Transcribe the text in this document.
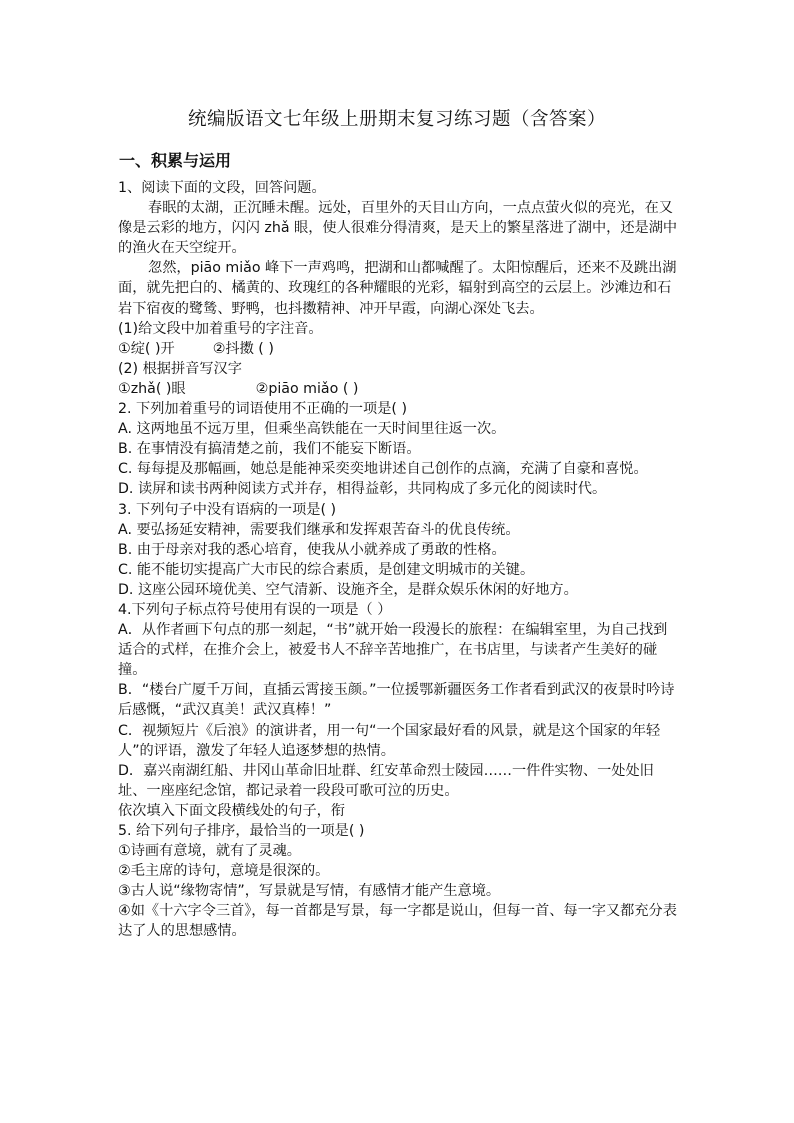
统编版语文七年级上册期末复习练习题（含答案）
一、积累与运用

1、阅读下面的文段，回答问题。

春眠的太湖，正沉睡未醒。远处，百里外的天目山方向，一点点萤火似的亮光，在又像是云彩的地方，闪闪 zhǎ 眼，使人很难分得清爽，是天上的繁星落进了湖中，还是湖中的渔火在天空绽开。

忽然，piāo miǎo 峰下一声鸡鸣，把湖和山都喊醒了。太阳惊醒后，还来不及跳出湖面，就先把白的、橘黄的、玫瑰红的各种耀眼的光彩，辐射到高空的云层上。沙滩边和石岩下宿夜的鹭鸶、野鸭，也抖擞精神、冲开早霞，向湖心深处飞去。

(1)给文段中加着重号的字注音。

①绽( )开	②抖擞 ( )

(2) 根据拼音写汉字

①zhǎ( )眼	②piāo miǎo ( )

2. 下列加着重号的词语使用不正确的一项是( )

A. 这两地虽不远万里，但乘坐高铁能在一天时间里往返一次。

B. 在事情没有搞清楚之前，我们不能妄下断语。

C. 每每提及那幅画，她总是能神采奕奕地讲述自己创作的点滴，充满了自豪和喜悦。

D. 读屏和读书两种阅读方式并存，相得益彰，共同构成了多元化的阅读时代。

3. 下列句子中没有语病的一项是( )

A. 要弘扬延安精神，需要我们继承和发挥艰苦奋斗的优良传统。

B. 由于母亲对我的悉心培育，使我从小就养成了勇敢的性格。

C. 能不能切实提高广大市民的综合素质，是创建文明城市的关键。

D. 这座公园环境优美、空气清新、设施齐全，是群众娱乐休闲的好地方。

4.下列句子标点符号使用有误的一项是（ ）

A．从作者画下句点的那一刻起，“书”就开始一段漫长的旅程：在编辑室里，为自己找到适合的式样，在推介会上，被爱书人不辞辛苦地推广，在书店里，与读者产生美好的碰撞。

B．“楼台广厦千万间，直插云霄接玉颜。”一位援鄂新疆医务工作者看到武汉的夜景时吟诗后感慨，“武汉真美！武汉真棒！”

C．视频短片《后浪》的演讲者，用一句“一个国家最好看的风景，就是这个国家的年轻人”的评语，激发了年轻人追逐梦想的热情。

D．嘉兴南湖红船、井冈山革命旧址群、红安革命烈士陵园……一件件实物、一处处旧址、一座座纪念馆，都记录着一段段可歌可泣的历史。

依次填入下面文段横线处的句子，衔

5. 给下列句子排序，最恰当的一项是( )

①诗画有意境，就有了灵魂。

②毛主席的诗句，意境是很深的。

③古人说“缘物寄情”，写景就是写情，有感情才能产生意境。

④如《十六字令三首》，每一首都是写景，每一字都是说山，但每一首、每一字又都充分表达了人的思想感情。
